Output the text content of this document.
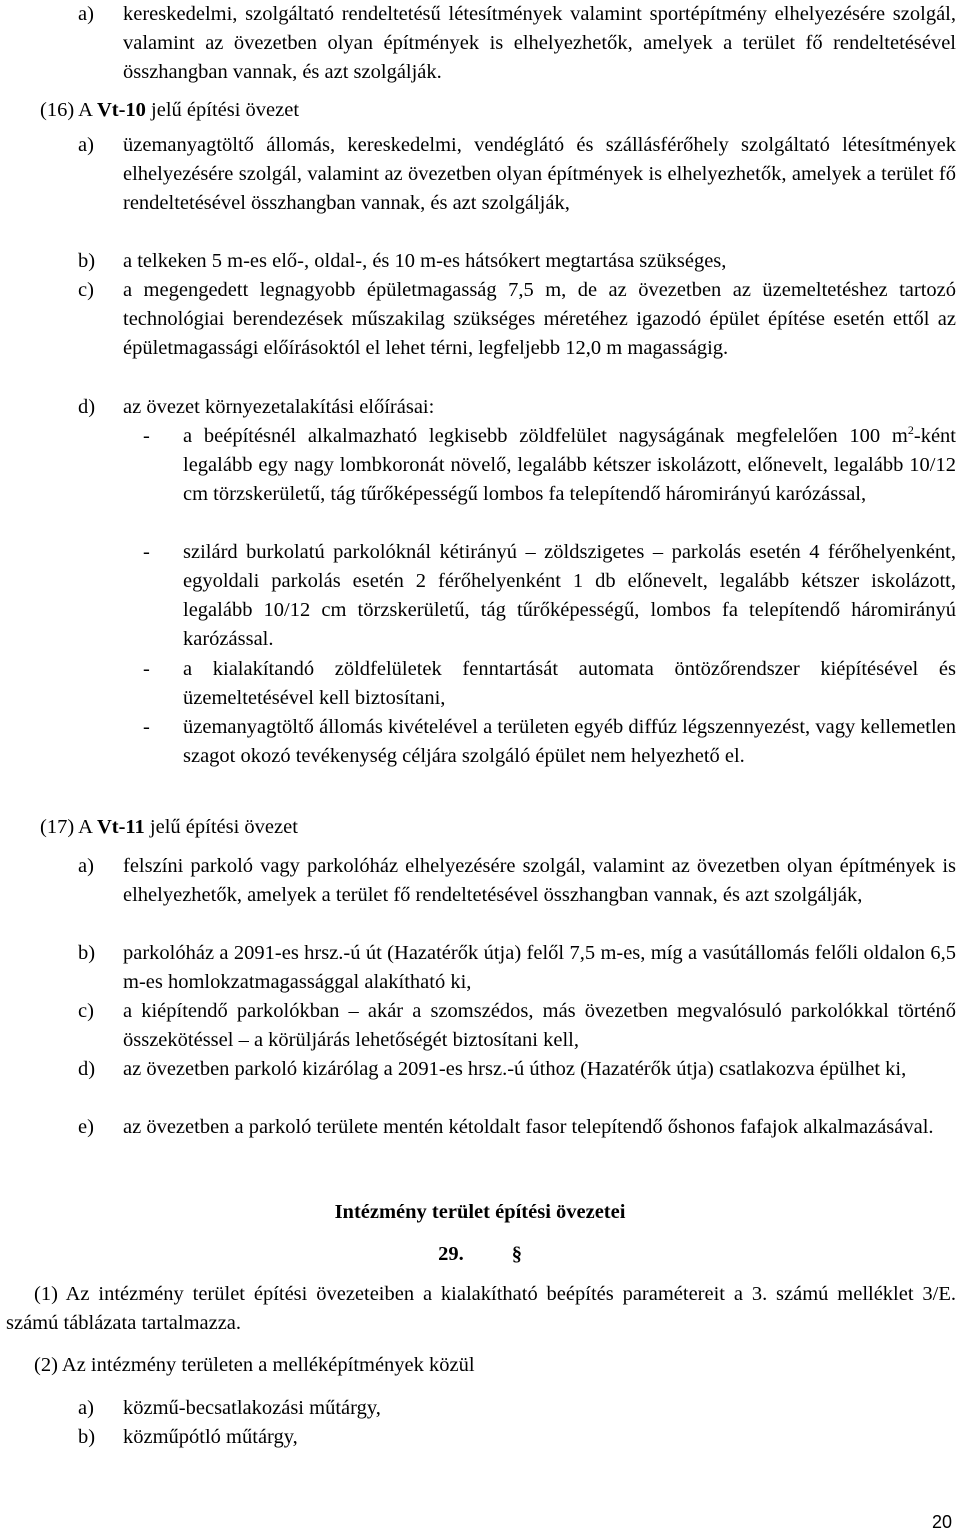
a)	kereskedelmi, szolgáltató rendeltetésű létesítmények valamint sportépítmény elhelyezésére szolgál, valamint az övezetben olyan építmények is elhelyezhetők, amelyek a terület fő rendeltetésével összhangban vannak, és azt szolgálják.
(16) A Vt-10 jelű építési övezet
a)	üzemanyagtöltő állomás, kereskedelmi, vendéglátó és szállásférőhely szolgáltató létesítmények elhelyezésére szolgál, valamint az övezetben olyan építmények is elhelyezhetők, amelyek a terület fő rendeltetésével összhangban vannak, és azt szolgálják,
b)	a telkeken 5 m-es elő-, oldal-, és 10 m-es hátsókert megtartása szükséges,
c)	a megengedett legnagyobb épületmagasság 7,5 m, de az övezetben az üzemeltetéshez tartozó technológiai berendezések műszakilag szükséges méretéhez igazodó épület építése esetén ettől az épületmagassági előírásoktól el lehet térni, legfeljebb 12,0 m magasságig.
d)	az övezet környezetalakítási előírásai:
- a beépítésnél alkalmazható legkisebb zöldfelület nagyságának megfelelően 100 $m^2$-ként legalább egy nagy lombkoronát növelő, legalább kétszer iskolázott, előnevelt, legalább 10/12 cm törzskerületű, tág tűrőképességű lombos fa telepítendő háromirányú karózással,
- szilárd burkolatú parkolóknál kétirányú – zöldszigetes – parkolás esetén 4 férőhelyenként, egyoldali parkolás esetén 2 férőhelyenként 1 db előnevelt, legalább kétszer iskolázott, legalább 10/12 cm törzskerületű, tág tűrőképességű, lombos fa telepítendő háromirányú karózással.
- a kialakítandó zöldfelületek fenntartását automata öntözőrendszer kiépítésével és üzemeltetésével kell biztosítani,
- üzemanyagtöltő állomás kivételével a területen egyéb diffúz légszennyezést, vagy kellemetlen szagot okozó tevékenység céljára szolgáló épület nem helyezhető el.
(17) A Vt-11 jelű építési övezet
a)	felszíni parkoló vagy parkolóház elhelyezésére szolgál, valamint az övezetben olyan építmények is elhelyezhetők, amelyek a terület fő rendeltetésével összhangban vannak, és azt szolgálják,
b)	parkolóház a 2091-es hrsz.-ú út (Hazatérők útja) felől 7,5 m-es, míg a vasútállomás felőli oldalon 6,5 m-es homlokzatmagassággal alakítható ki,
c)	a kiépítendő parkolókban – akár a szomszédos, más övezetben megvalósuló parkolókkal történő összekötéssel – a körüljárás lehetőségét biztosítani kell,
d)	az övezetben parkoló kizárólag a 2091-es hrsz.-ú úthoz (Hazatérők útja) csatlakozva épülhet ki,
e)	az övezetben a parkoló területe mentén kétoldalt fasor telepítendő őshonos fafajok alkalmazásával.
Intézmény terület építési övezetei
29. §
(1) Az intézmény terület építési övezeteiben a kialakítható beépítés paramétereit a 3. számú melléklet 3/E. számú táblázata tartalmazza.
(2) Az intézmény területen a melléképítmények közül
a)	közmű-becsatlakozási műtárgy,
b)	közműpótló műtárgy,
20
